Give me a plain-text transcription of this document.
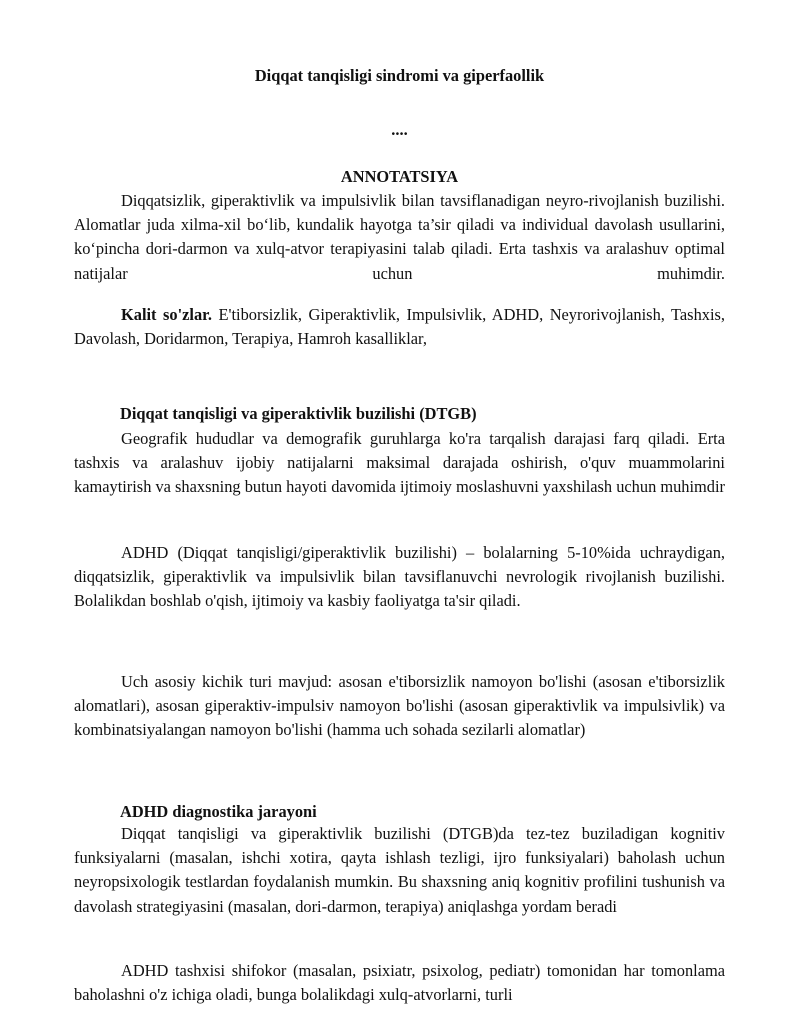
Diqqat tanqisligi sindromi va giperfaollik

....

ANNOTATSIYA

Diqqatsizlik, giperaktivlik va impulsivlik bilan tavsiflanadigan neyro-rivojlanish buzilishi. Alomatlar juda xilma-xil bo‘lib, kundalik hayotga ta’sir qiladi va individual davolash usullarini, ko‘pincha dori-darmon va xulq-atvor terapiyasini talab qiladi. Erta tashxis va aralashuv optimal natijalar uchun muhimdir.

Kalit so'zlar. E'tiborsizlik, Giperaktivlik, Impulsivlik, ADHD, Neyrorivojlanish, Tashxis, Davolash, Doridarmon, Terapiya, Hamroh kasalliklar,

Diqqat tanqisligi va giperaktivlik buzilishi (DTGB)

Geografik hududlar va demografik guruhlarga ko'ra tarqalish darajasi farq qiladi. Erta tashxis va aralashuv ijobiy natijalarni maksimal darajada oshirish, o'quv muammolarini kamaytirish va shaxsning butun hayoti davomida ijtimoiy moslashuvni yaxshilash uchun muhimdir

ADHD (Diqqat tanqisligi/giperaktivlik buzilishi) – bolalarning 5-10%ida uchraydigan, diqqatsizlik, giperaktivlik va impulsivlik bilan tavsiflanuvchi nevrologik rivojlanish buzilishi. Bolalikdan boshlab o'qish, ijtimoiy va kasbiy faoliyatga ta'sir qiladi.

Uch asosiy kichik turi mavjud: asosan e'tiborsizlik namoyon bo'lishi (asosan e'tiborsizlik alomatlari), asosan giperaktiv-impulsiv namoyon bo'lishi (asosan giperaktivlik va impulsivlik) va kombinatsiyalangan namoyon bo'lishi (hamma uch sohada sezilarli alomatlar)

ADHD diagnostika jarayoni

Diqqat tanqisligi va giperaktivlik buzilishi (DTGB)da tez-tez buziladigan kognitiv funksiyalarni (masalan, ishchi xotira, qayta ishlash tezligi, ijro funksiyalari) baholash uchun neyropsixologik testlardan foydalanish mumkin. Bu shaxsning aniq kognitiv profilini tushunish va davolash strategiyasini (masalan, dori-darmon, terapiya) aniqlashga yordam beradi

ADHD tashxisi shifokor (masalan, psixiatr, psixolog, pediatr) tomonidan har tomonlama baholashni o'z ichiga oladi, bunga bolalikdagi xulq-atvorlarni, turli
